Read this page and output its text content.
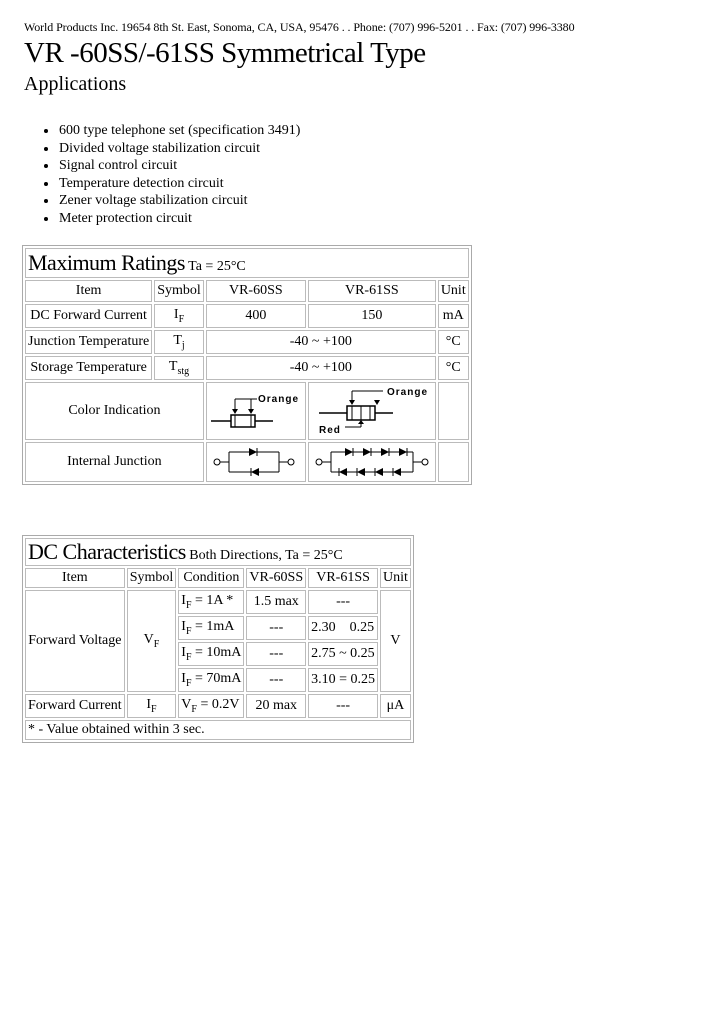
World Products Inc. 19654 8th St. East, Sonoma, CA, USA, 95476 . . Phone: (707) 996-5201 . . Fax: (707) 996-3380
VR -60SS/-61SS Symmetrical Type
Applications
• 600 type telephone set (specification 3491)
• Divided voltage stabilization circuit
• Signal control circuit
• Temperature detection circuit
• Zener voltage stabilization circuit
• Meter protection circuit
Maximum Ratings Ta = 25°C				
Item	Symbol	VR-60SS	VR-61SS	Unit
DC Forward Current	$I_F$	400	150	mA
Junction Temperature	$T_j$	-40 ~ +100		°C
Storage Temperature	$T_{stg}$	-40 ~ +100		°C
Color Indication		Orange	Orange
Red	

Internal Junction	

DC Characteristics Both Directions, Ta = 25°C					
Item	Symbol	Condition	VR-60SS	VR-61SS	Unit
Forward Voltage	$V_F$	$I_F = 1A$ *	1.5 max	---	V
		$I_F = 1mA$	---	2.30    0.25	
		$I_F = 10mA$	---	2.75 ~ 0.25	
		$I_F = 70mA$	---	3.10 = 0.25	
Forward Current	$I_F$	$V_F = 0.2V$	20 max	---	μA
* - Value obtained within 3 sec.					
